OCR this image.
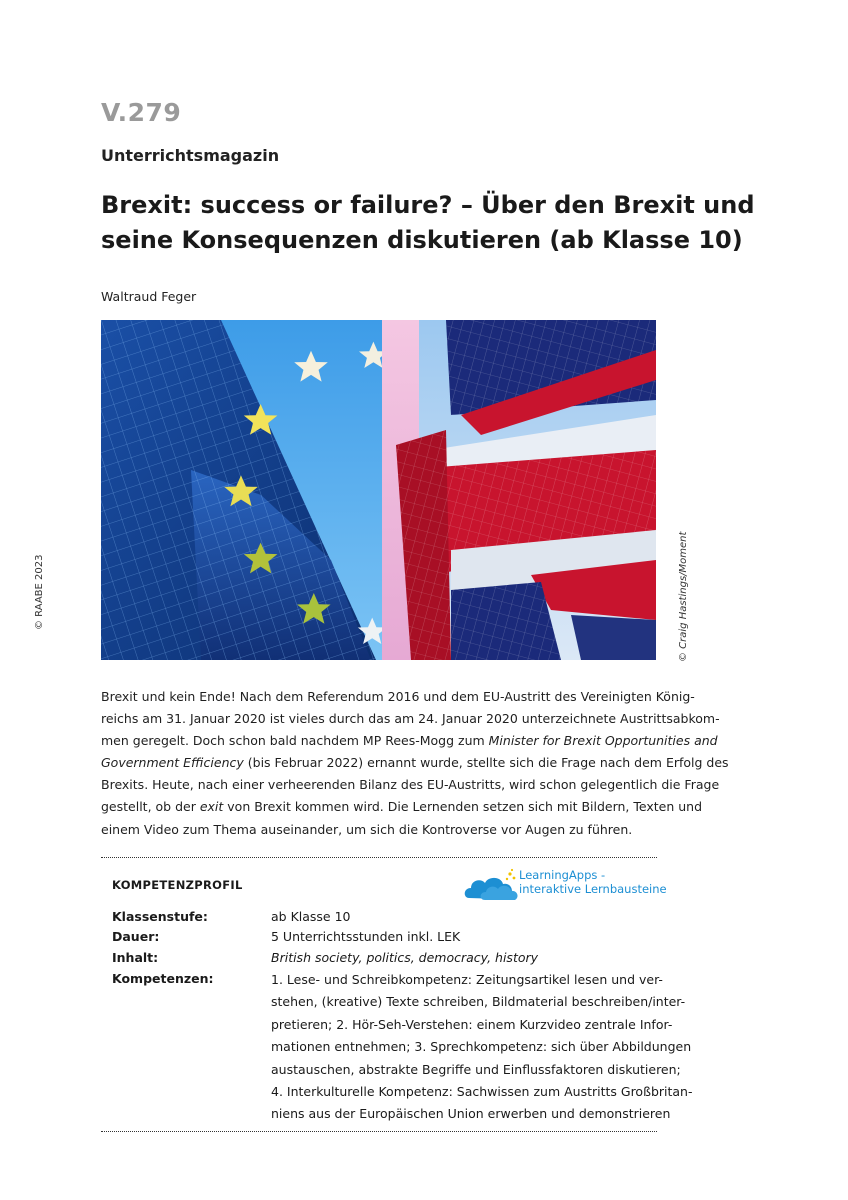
V.279
Unterrichtsmagazin
Brexit: success or failure? – Über den Brexit und
seine Konsequenzen diskutieren (ab Klasse 10)
Waltraud Feger
© RAABE 2023	© Craig Hastings/Moment

Brexit und kein Ende! Nach dem Referendum 2016 und dem EU-Austritt des Vereinigten König-
reichs am 31. Januar 2020 ist vieles durch das am 24. Januar 2020 unterzeichnete Austrittsabkom-
men geregelt. Doch schon bald nachdem MP Rees-Mogg zum Minister for Brexit Opportunities and
Government Efficiency (bis Februar 2022) ernannt wurde, stellte sich die Frage nach dem Erfolg des
Brexits. Heute, nach einer verheerenden Bilanz des EU-Austritts, wird schon gelegentlich die Frage
gestellt, ob der exit von Brexit kommen wird. Die Lernenden setzen sich mit Bildern, Texten und
einem Video zum Thema auseinander, um sich die Kontroverse vor Augen zu führen.

KOMPETENZPROFIL
LearningApps -
interaktive Lernbausteine
Klassenstufe:	ab Klasse 10
Dauer:	5 Unterrichtsstunden inkl. LEK
Inhalt:	British society, politics, democracy, history
Kompetenzen:	1. Lese- und Schreibkompetenz: Zeitungsartikel lesen und ver-
stehen, (kreative) Texte schreiben, Bildmaterial beschreiben/inter-
pretieren; 2. Hör-Seh-Verstehen: einem Kurzvideo zentrale Infor-
mationen entnehmen; 3. Sprechkompetenz: sich über Abbildungen
austauschen, abstrakte Begriffe und Einflussfaktoren diskutieren;
4. Interkulturelle Kompetenz: Sachwissen zum Austritts Großbritan-
niens aus der Europäischen Union erwerben und demonstrieren
